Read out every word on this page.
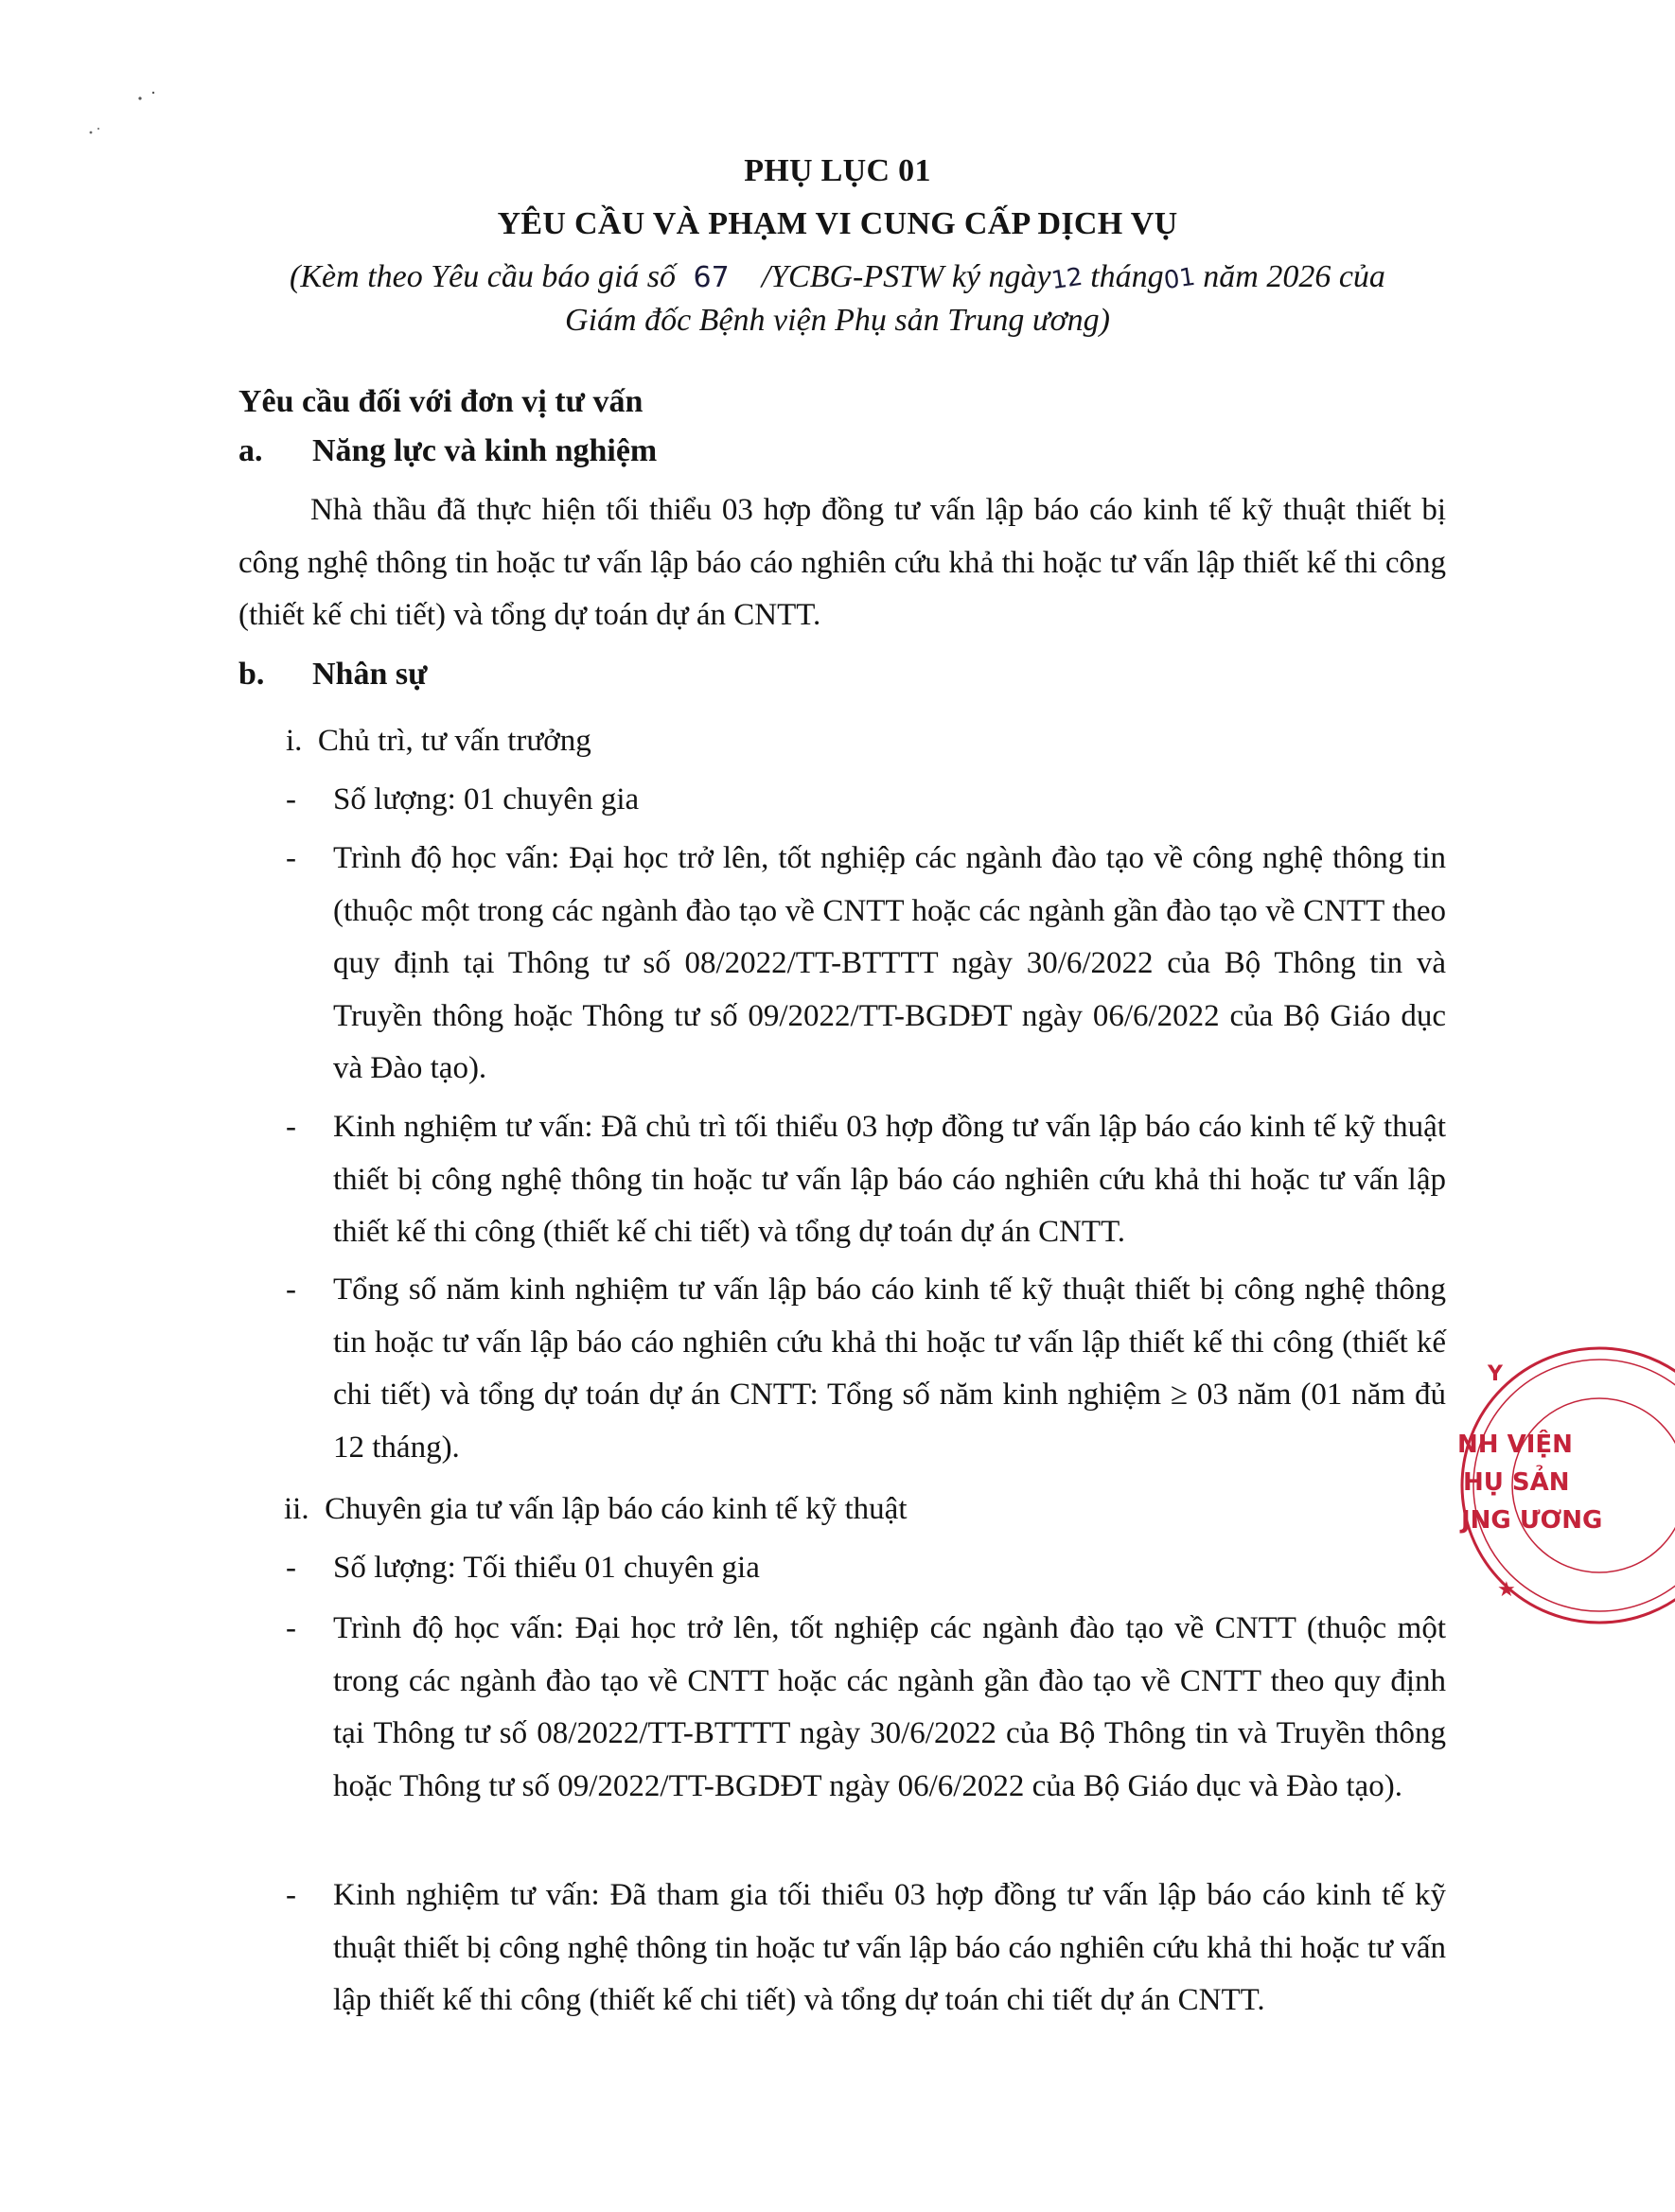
PHỤ LỤC 01
YÊU CẦU VÀ PHẠM VI CUNG CẤP DỊCH VỤ
(Kèm theo Yêu cầu báo giá số 67 /YCBG-PSTW ký ngày12 tháng01 năm 2026 của
Giám đốc Bệnh viện Phụ sản Trung ương)
Yêu cầu đối với đơn vị tư vấn
a. Năng lực và kinh nghiệm
Nhà thầu đã thực hiện tối thiểu 03 hợp đồng tư vấn lập báo cáo kinh tế kỹ thuật thiết bị công nghệ thông tin hoặc tư vấn lập báo cáo nghiên cứu khả thi hoặc tư vấn lập thiết kế thi công (thiết kế chi tiết) và tổng dự toán dự án CNTT.
b. Nhân sự
i. Chủ trì, tư vấn trưởng
- Số lượng: 01 chuyên gia
- Trình độ học vấn: Đại học trở lên, tốt nghiệp các ngành đào tạo về công nghệ thông tin (thuộc một trong các ngành đào tạo về CNTT hoặc các ngành gần đào tạo về CNTT theo quy định tại Thông tư số 08/2022/TT-BTTTT ngày 30/6/2022 của Bộ Thông tin và Truyền thông hoặc Thông tư số 09/2022/TT-BGDĐT ngày 06/6/2022 của Bộ Giáo dục và Đào tạo).
- Kinh nghiệm tư vấn: Đã chủ trì tối thiểu 03 hợp đồng tư vấn lập báo cáo kinh tế kỹ thuật thiết bị công nghệ thông tin hoặc tư vấn lập báo cáo nghiên cứu khả thi hoặc tư vấn lập thiết kế thi công (thiết kế chi tiết) và tổng dự toán dự án CNTT.
- Tổng số năm kinh nghiệm tư vấn lập báo cáo kinh tế kỹ thuật thiết bị công nghệ thông tin hoặc tư vấn lập báo cáo nghiên cứu khả thi hoặc tư vấn lập thiết kế thi công (thiết kế chi tiết) và tổng dự toán dự án CNTT: Tổng số năm kinh nghiệm ≥ 03 năm (01 năm đủ 12 tháng).
ii. Chuyên gia tư vấn lập báo cáo kinh tế kỹ thuật
- Số lượng: Tối thiểu 01 chuyên gia
- Trình độ học vấn: Đại học trở lên, tốt nghiệp các ngành đào tạo về CNTT (thuộc một trong các ngành đào tạo về CNTT hoặc các ngành gần đào tạo về CNTT theo quy định tại Thông tư số 08/2022/TT-BTTTT ngày 30/6/2022 của Bộ Thông tin và Truyền thông hoặc Thông tư số 09/2022/TT-BGDĐT ngày 06/6/2022 của Bộ Giáo dục và Đào tạo).
- Kinh nghiệm tư vấn: Đã tham gia tối thiểu 03 hợp đồng tư vấn lập báo cáo kinh tế kỹ thuật thiết bị công nghệ thông tin hoặc tư vấn lập báo cáo nghiên cứu khả thi hoặc tư vấn lập thiết kế thi công (thiết kế chi tiết) và tổng dự toán chi tiết dự án CNTT.
Y
NH VIỆN
HỤ SẢN
JNG ƯƠNG
★
